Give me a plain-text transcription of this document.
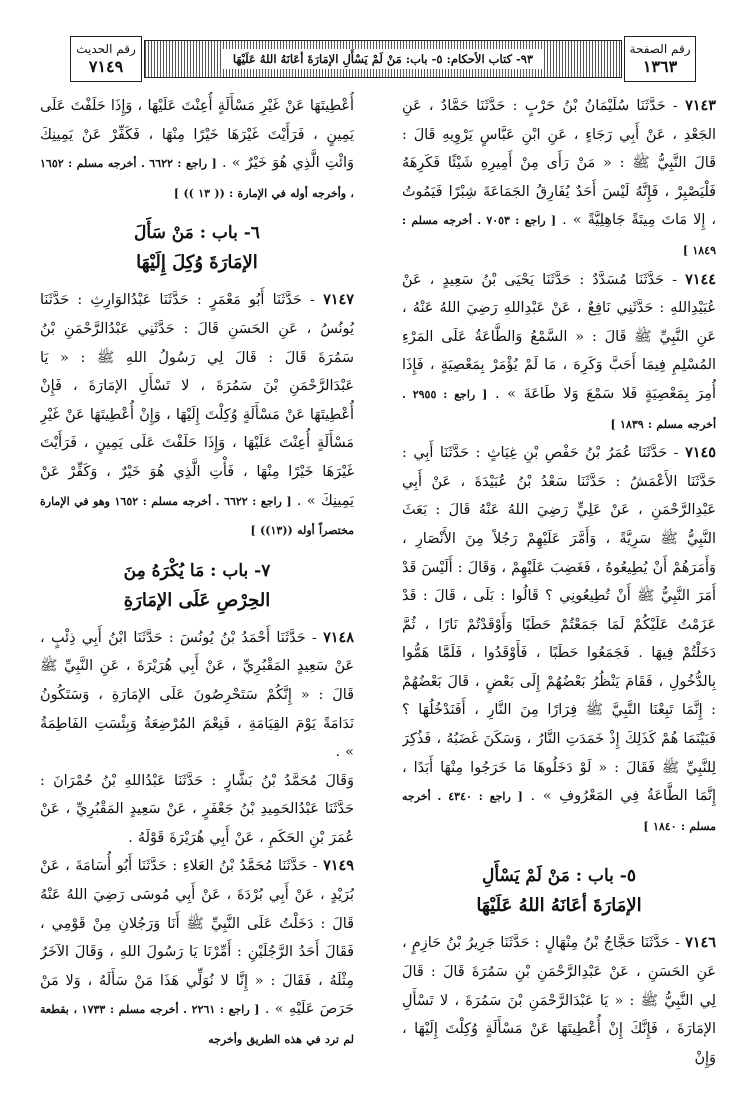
رقم الصفحة
١٣٦٣
٩٣- كتاب الأحكام: ٥- باب: مَنْ لَمْ يَسْأَلِ الإمَارَةَ أعَانَهُ اللهُ عَلَيْهَا
رقم الحديث
٧١٤٩

٧١٤٣ - حَدَّثَنَا سُلَيْمَانُ بْنُ حَرْبٍ : حَدَّثَنَا حَمَّادٌ ، عَنِ الجَعْدِ ، عَنْ أَبِي رَجَاءٍ ، عَنِ ابْنِ عَبَّاسٍ يَرْوِيهِ قَالَ : قَالَ النَّبِيُّ ﷺ : « مَنْ رَأَى مِنْ أَمِيرِهِ شَيْئًا فَكَرِهَهُ فَلْيَصْبِرْ ، فَإِنَّهُ لَيْسَ أَحَدٌ يُفَارِقُ الجَمَاعَةَ شِبْرًا فَيَمُوتُ ، إِلا مَاتَ مِيتَةً جَاهِلِيَّةً » . [ راجع : ٧٠٥٣ . أخرجه مسلم : ١٨٤٩ ]

٧١٤٤ - حَدَّثَنَا مُسَدَّدٌ : حَدَّثَنَا يَحْيَى بْنُ سَعِيدٍ ، عَنْ عُبَيْدِاللهِ : حَدَّثَنِي نَافِعٌ ، عَنْ عَبْدِاللهِ رَضِيَ اللهُ عَنْهُ ، عَنِ النَّبِيِّ ﷺ قَالَ : « السَّمْعُ وَالطَّاعَةُ عَلَى المَرْءِ المُسْلِمِ فِيمَا أَحَبَّ وَكَرِهَ ، مَا لَمْ يُؤْمَرْ بِمَعْصِيَةٍ ، فَإِذَا أُمِرَ بِمَعْصِيَةٍ فَلا سَمْعَ وَلا طَاعَةَ » . [ راجع : ٢٩٥٥ . أخرجه مسلم : ١٨٣٩ ]

٧١٤٥ - حَدَّثَنَا عُمَرُ بْنُ حَفْصِ بْنِ غِيَاثٍ : حَدَّثَنَا أَبِي : حَدَّثَنَا الأَعْمَشُ : حَدَّثَنَا سَعْدُ بْنُ عُبَيْدَةَ ، عَنْ أَبِي عَبْدِالرَّحْمَنِ ، عَنْ عَلِيٍّ رَضِيَ اللهُ عَنْهُ قَالَ : بَعَثَ النَّبِيُّ ﷺ سَرِيَّةً ، وَأَمَّرَ عَلَيْهِمْ رَجُلاً مِنَ الأَنْصَارِ ، وَأَمَرَهُمْ أَنْ يُطِيعُوهُ ، فَغَضِبَ عَلَيْهِمْ ، وَقَالَ : أَلَيْسَ قَدْ أَمَرَ النَّبِيُّ ﷺ أَنْ تُطِيعُونِي ؟ قَالُوا : بَلَى ، قَالَ : قَدْ عَزَمْتُ عَلَيْكُمْ لَمَا جَمَعْتُمْ حَطَبًا وَأَوْقَدْتُمْ نَارًا ، ثُمَّ دَخَلْتُمْ فِيهَا . فَجَمَعُوا حَطَبًا ، فَأَوْقَدُوا ، فَلَمَّا هَمُّوا بِالدُّخُولِ ، فَقَامَ يَنْظُرُ بَعْضُهُمْ إِلَى بَعْضٍ ، قَالَ بَعْضُهُمْ : إِنَّمَا تَبِعْنَا النَّبِيَّ ﷺ فِرَارًا مِنَ النَّارِ ، أَفَنَدْخُلُهَا ؟ فَبَيْنَمَا هُمْ كَذَلِكَ إِذْ خَمَدَتِ النَّارُ ، وَسَكَنَ غَضَبُهُ ، فَذُكِرَ لِلنَّبِيِّ ﷺ فَقَالَ : « لَوْ دَخَلُوهَا مَا خَرَجُوا مِنْهَا أَبَدًا ، إِنَّمَا الطَّاعَةُ فِي المَعْرُوفِ » . [ راجع : ٤٣٤٠ . أخرجه مسلم : ١٨٤٠ ]

٥- باب : مَنْ لَمْ يَسْأَلِ
الإمَارَةَ أعَانَهُ اللهُ عَلَيْهَا

٧١٤٦ - حَدَّثَنَا حَجَّاجُ بْنُ مِنْهَالٍ : حَدَّثَنَا جَرِيرُ بْنُ حَازِمٍ ، عَنِ الحَسَنِ ، عَنْ عَبْدِالرَّحْمَنِ بْنِ سَمُرَةَ قَالَ : قَالَ لِي النَّبِيُّ ﷺ : « يَا عَبْدَالرَّحْمَنِ بْنَ سَمُرَةَ ، لا تَسْأَلِ الإمَارَةَ ، فَإِنَّكَ إِنْ أُعْطِيتَهَا عَنْ مَسْأَلَةٍ وُكِلْتَ إِلَيْهَا ، وَإِنْ

أُعْطِيتَهَا عَنْ غَيْرِ مَسْأَلَةٍ أُعِنْتَ عَلَيْهَا ، وَإِذَا حَلَفْتَ عَلَى يَمِينٍ ، فَرَأَيْتَ غَيْرَهَا خَيْرًا مِنْهَا ، فَكَفِّرْ عَنْ يَمِينِكَ وَائْتِ الَّذِي هُوَ خَيْرٌ » . [ راجع : ٦٦٢٢ . أخرجه مسلم : ١٦٥٢ ، وأخرجه أوله في الإمارة : (( ١٣ )) ]

٦- باب : مَنْ سَأَلَ
الإمَارَةَ وُكِلَ إِلَيْهَا

٧١٤٧ - حَدَّثَنَا أَبُو مَعْمَرٍ : حَدَّثَنَا عَبْدُالوَارِثِ : حَدَّثَنَا يُونُسُ ، عَنِ الحَسَنِ قَالَ : حَدَّثَنِي عَبْدُالرَّحْمَنِ بْنُ سَمُرَةَ قَالَ : قَالَ لِي رَسُولُ اللهِ ﷺ : « يَا عَبْدَالرَّحْمَنِ بْنَ سَمُرَةَ ، لا تَسْأَلِ الإمَارَةَ ، فَإِنْ أُعْطِيتَهَا عَنْ مَسْأَلَةٍ وُكِلْتَ إِلَيْهَا ، وَإِنْ أُعْطِيتَهَا عَنْ غَيْرِ مَسْأَلَةٍ أُعِنْتَ عَلَيْهَا ، وَإِذَا حَلَفْتَ عَلَى يَمِينٍ ، فَرَأَيْتَ غَيْرَهَا خَيْرًا مِنْهَا ، فَأْتِ الَّذِي هُوَ خَيْرٌ ، وَكَفِّرْ عَنْ يَمِينِكَ » . [ راجع : ٦٦٢٢ . أخرجه مسلم : ١٦٥٢ وهو في الإمارة مختصراً أوله ((١٣)) ]

٧- باب : مَا يُكْرَهُ مِنَ
الحِرْصِ عَلَى الإمَارَةِ

٧١٤٨ - حَدَّثَنَا أَحْمَدُ بْنُ يُونُسَ : حَدَّثَنَا ابْنُ أَبِي ذِئْبٍ ، عَنْ سَعِيدٍ المَقْبُرِيِّ ، عَنْ أَبِي هُرَيْرَةَ ، عَنِ النَّبِيِّ ﷺ قَالَ : « إِنَّكُمْ سَتَحْرِصُونَ عَلَى الإمَارَةِ ، وَسَتَكُونُ نَدَامَةً يَوْمَ القِيَامَةِ ، فَنِعْمَ المُرْضِعَةُ وَبِئْسَتِ الفَاطِمَةُ » .

وَقَالَ مُحَمَّدُ بْنُ بَشَّارٍ : حَدَّثَنَا عَبْدُاللهِ بْنُ حُمْرَانَ : حَدَّثَنَا عَبْدُالحَمِيدِ بْنُ جَعْفَرٍ ، عَنْ سَعِيدٍ المَقْبُرِيِّ ، عَنْ عُمَرَ بْنِ الحَكَمِ ، عَنْ أَبِي هُرَيْرَةَ قَوْلَهُ .

٧١٤٩ - حَدَّثَنَا مُحَمَّدُ بْنُ العَلاءِ : حَدَّثَنَا أَبُو أُسَامَةَ ، عَنْ بُرَيْدٍ ، عَنْ أَبِي بُرْدَةَ ، عَنْ أَبِي مُوسَى رَضِيَ اللهُ عَنْهُ قَالَ : دَخَلْتُ عَلَى النَّبِيِّ ﷺ أَنَا وَرَجُلانِ مِنْ قَوْمِي ، فَقَالَ أَحَدُ الرَّجُلَيْنِ : أَمِّرْنَا يَا رَسُولَ اللهِ ، وَقَالَ الآخَرُ مِثْلَهُ ، فَقَالَ : « إِنَّا لا نُوَلِّي هَذَا مَنْ سَأَلَهُ ، وَلا مَنْ حَرَصَ عَلَيْهِ » . [ راجع : ٢٢٦١ . أخرجه مسلم : ١٧٣٣ ، بقطعة لم ترد في هذه الطريق وأخرجه
